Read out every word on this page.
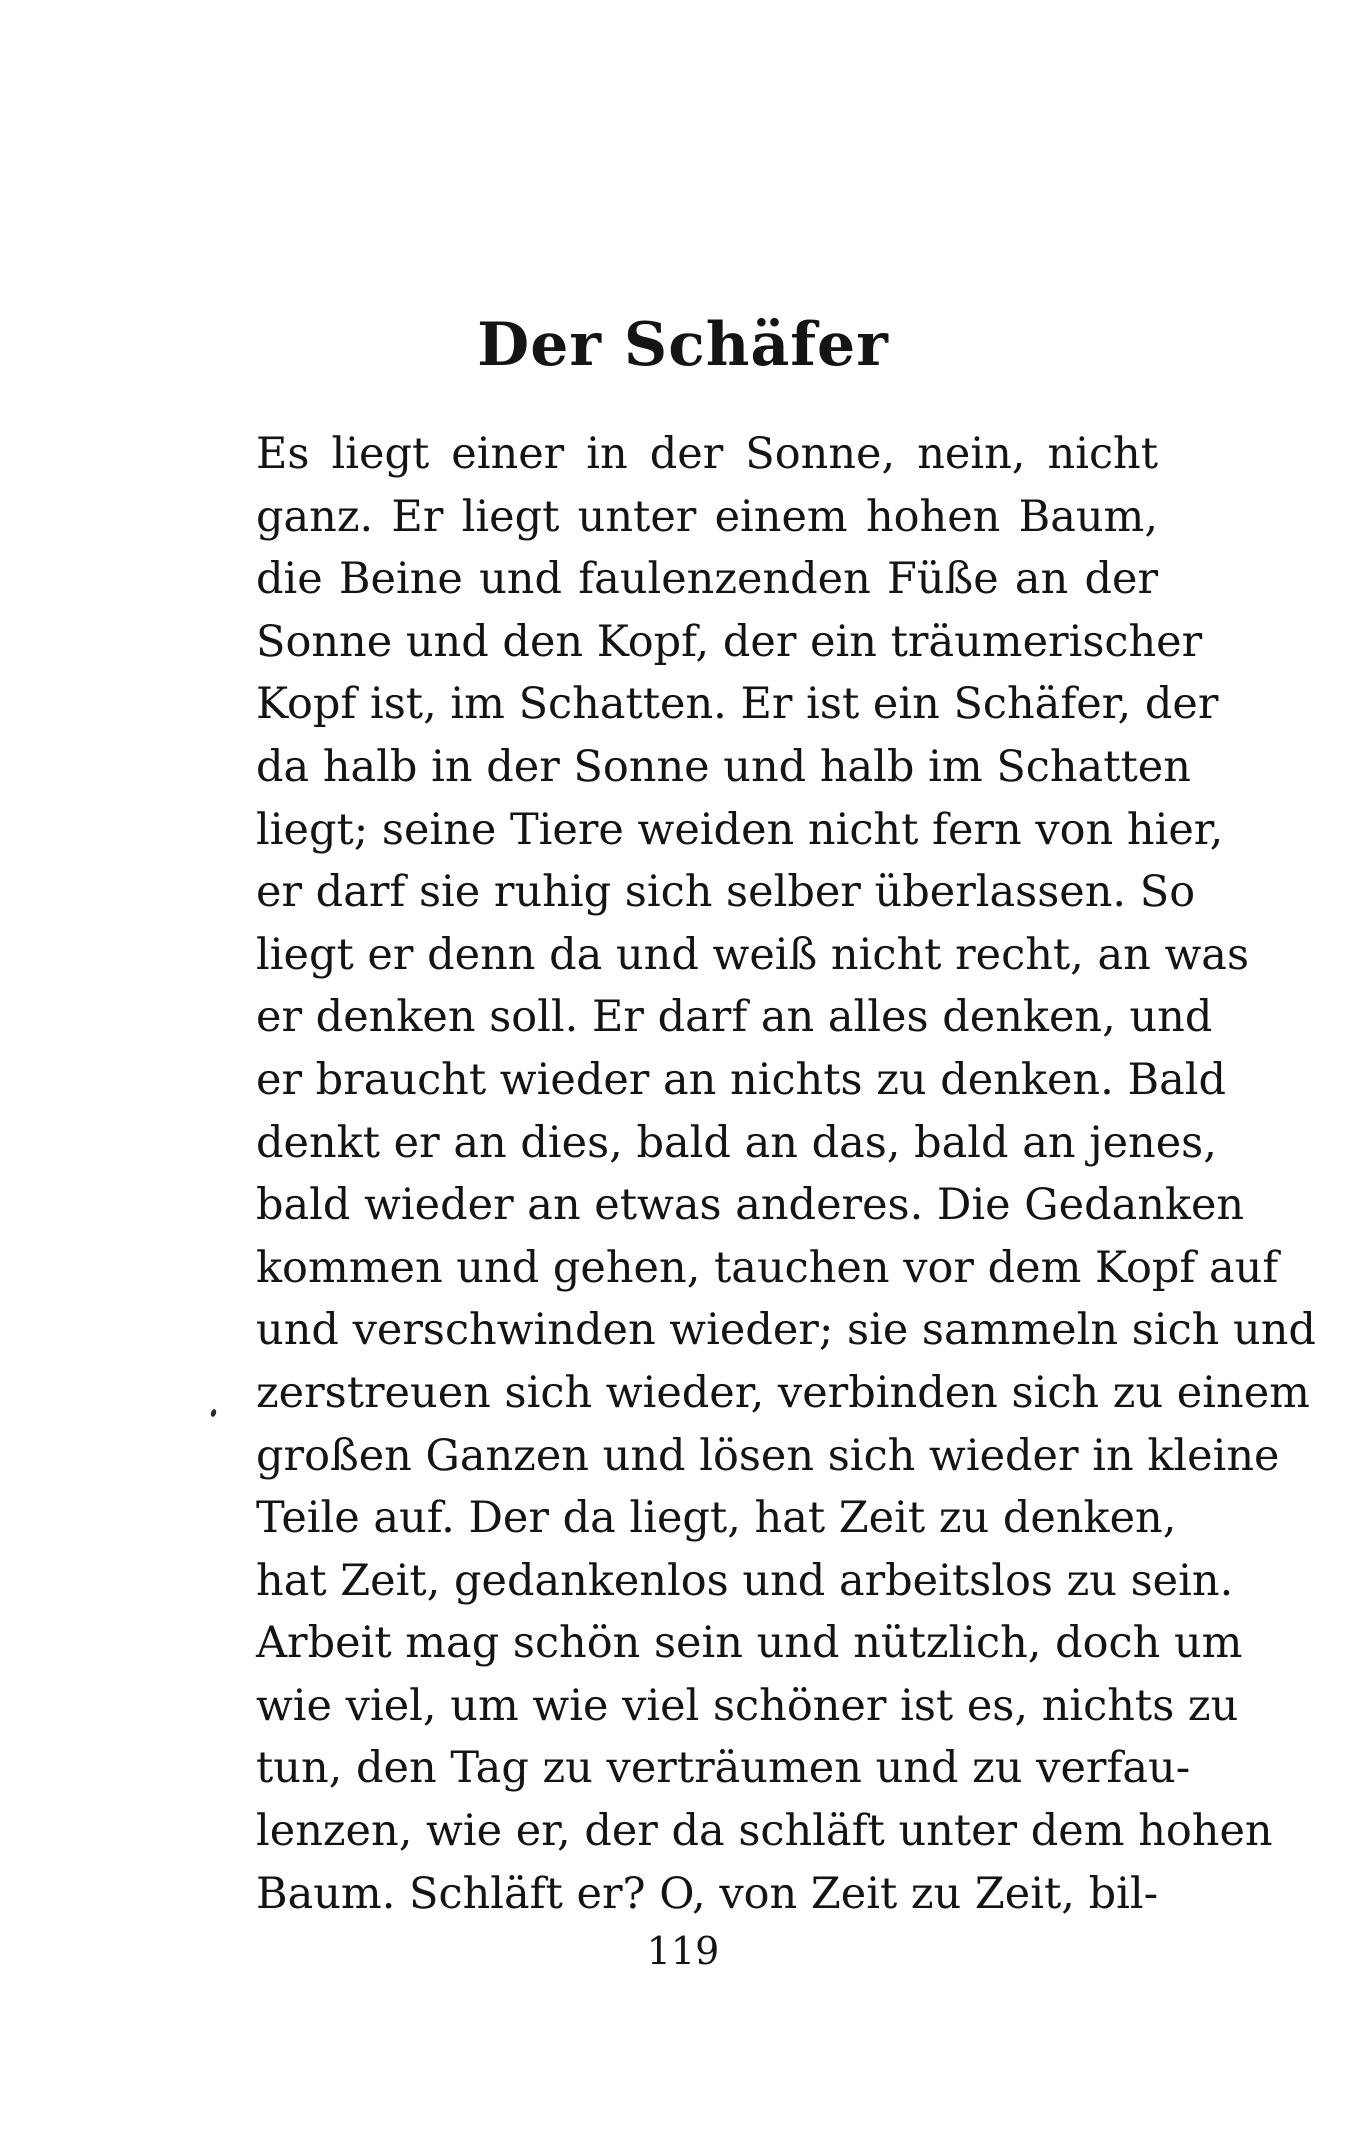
Der Schäfer
Es liegt einer in der Sonne, nein, nicht
ganz. Er liegt unter einem hohen Baum,
die Beine und faulenzenden Füße an der
Sonne und den Kopf, der ein träumerischer
Kopf ist, im Schatten. Er ist ein Schäfer, der
da halb in der Sonne und halb im Schatten
liegt; seine Tiere weiden nicht fern von hier,
er darf sie ruhig sich selber überlassen. So
liegt er denn da und weiß nicht recht, an was
er denken soll. Er darf an alles denken, und
er braucht wieder an nichts zu denken. Bald
denkt er an dies, bald an das, bald an jenes,
bald wieder an etwas anderes. Die Gedanken
kommen und gehen, tauchen vor dem Kopf auf
und verschwinden wieder; sie sammeln sich und
zerstreuen sich wieder, verbinden sich zu einem
großen Ganzen und lösen sich wieder in kleine
Teile auf. Der da liegt, hat Zeit zu denken,
hat Zeit, gedankenlos und arbeitslos zu sein.
Arbeit mag schön sein und nützlich, doch um
wie viel, um wie viel schöner ist es, nichts zu
tun, den Tag zu verträumen und zu verfau-
lenzen, wie er, der da schläft unter dem hohen
Baum. Schläft er? O, von Zeit zu Zeit, bil-
119
